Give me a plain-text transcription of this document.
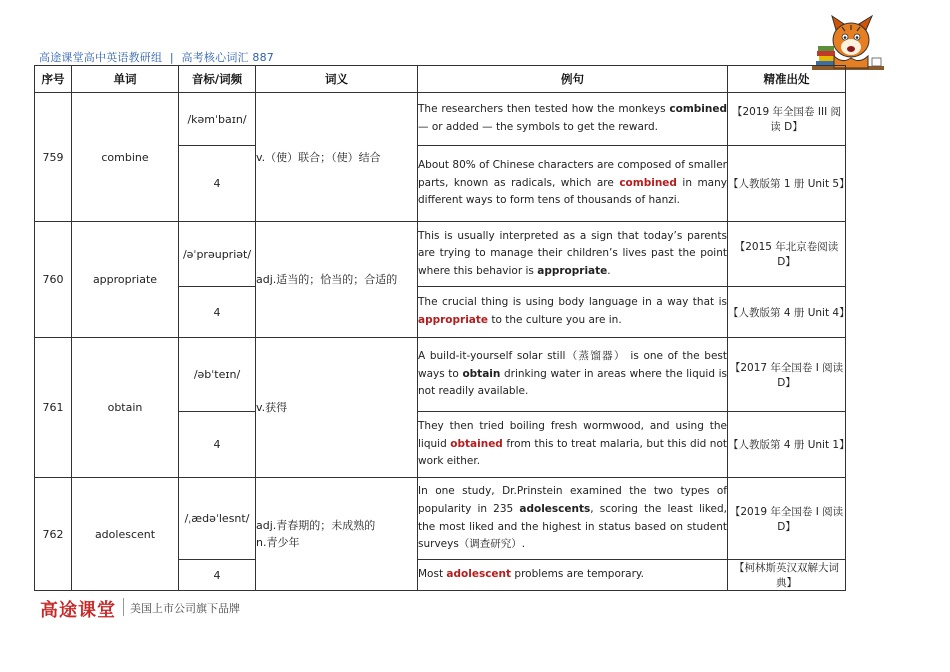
高途课堂高中英语教研组 | 高考核心词汇 887
序号	单词	音标/词频	词义	例句	精准出处
759	combine	/kəmˈbaɪn/	v.（使）联合；（使）结合	The researchers then tested how the monkeys combined — or added — the symbols to get the reward.	【2019 年全国卷 III 阅读 D】
		4		About 80% of Chinese characters are composed of smaller parts, known as radicals, which are combined in many different ways to form tens of thousands of hanzi.	【人教版第 1 册 Unit 5】
760	appropriate	/əˈprəupriət/	adj.适当的；恰当的；合适的	This is usually interpreted as a sign that today’s parents are trying to manage their children’s lives past the point where this behavior is appropriate.	【2015 年北京卷阅读 D】
		4		The crucial thing is using body language in a way that is appropriate to the culture you are in.	【人教版第 4 册 Unit 4】
761	obtain	/əbˈteɪn/	v.获得	A build-it-yourself solar still（蒸馏器） is one of the best ways to obtain drinking water in areas where the liquid is not readily available.	【2017 年全国卷 I 阅读 D】
		4		They then tried boiling fresh wormwood, and using the liquid obtained from this to treat malaria, but this did not work either.	【人教版第 4 册 Unit 1】
762	adolescent	/ˌædəˈlesnt/	adj.青春期的；未成熟的
n.青少年	In one study, Dr.Prinstein examined the two types of popularity in 235 adolescents, scoring the least liked, the most liked and the highest in status based on student surveys（调查研究）.	【2019 年全国卷 I 阅读 D】
		4		Most adolescent problems are temporary.	【柯林斯英汉双解大词典】
高途课堂 美国上市公司旗下品牌
